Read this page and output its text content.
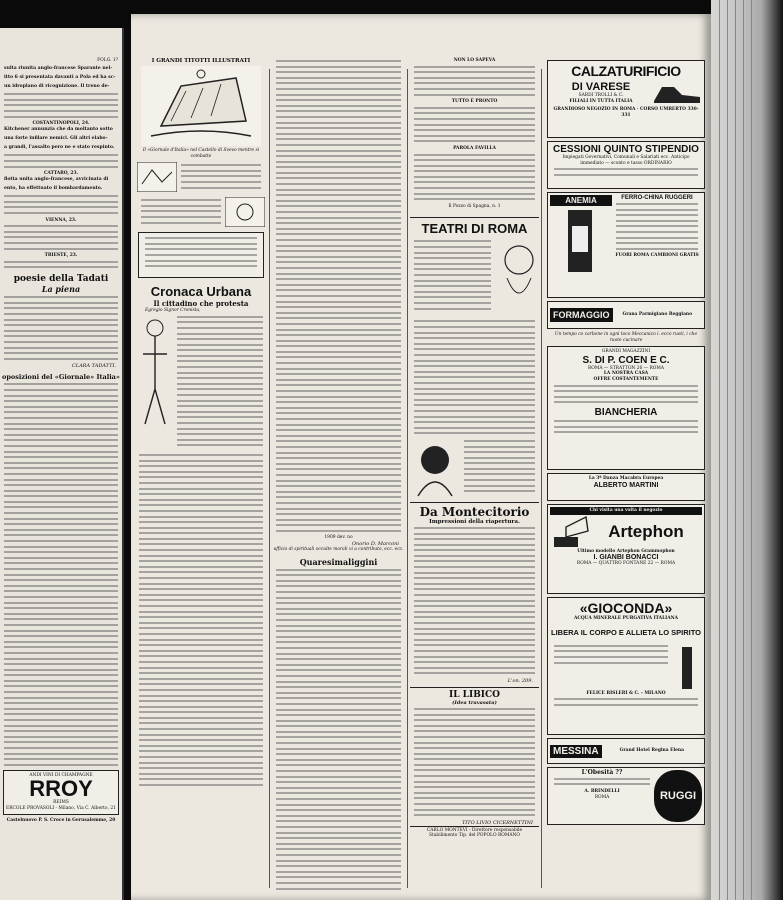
FOLG. 1?
sulta riunita anglo-francese Sparante nel-
itto 6 si presentata davanti a Pola ed ha sc-
un idroplano di ricognizione. Il treno de-
COSTANTINOPOLI, 24.
Kitchener annunzia che da moltanto sotto
una forte infilare nemici. Gli altri elabo-
a grandi, l'assalto pero ne e stato respinto.
CATTARO, 23.
flotta unita anglo-francese, avvicinata di
ento, ha effettuato il bombardamento.
VIENNA, 23.
TRIESTE, 23.
poesie della Tadati
La piena
CLARA TADATTI.
oposizioni del «Giornale» Italia»
ANDI VINI DI CHAMPAGNE
RROY
REIMS
ERCOLE PROVASOLI - Milano, Via C. Alberto, 21
Castelnuovo P. S. Croce in Gerusalemme, 20
I GRANDI TITOTTI ILLUSTRATI
Il «Giornale d'Italia» nel Castello di Svevo mentre si combatte
Cronaca Urbana
Il cittadino che protesta
Egregio Signor Cronista,
1909 dev. no
Onorio D. Marconi
ufficio di spirituali occulte morali vi a contributo, ecc. ecc.
Quaresimaliggini
NON LO SAPEVA
TUTTO È PRONTO
PAROLA FAVILLA
Il Pozzo di Spagna, n. 1
TEATRI DI ROMA
Da Montecitorio
Impressioni della riapertura.
L'on. 209.
IL LIBICO
(Idea travasata)
TITO LIVIO CICERNETTINI
CARLO MONTEVI - Direttore responsabile
Stabilimento Tip. del POPOLO ROMANO
CALZATURIFICIO
DI VARESE
SARDI TROLLI & C.
FILIALI IN TUTTA ITALIA
GRANDIOSO NEGOZIO IN ROMA · CORSO UMBERTO 330-331
CESSIONI QUINTO STIPENDIO
Impiegati Governativi, Comunali e Salariati ecc. Anticipo immediato — sconto e tasso ORDINARIO
ANEMIA	FERRO-CHINA RUGGERI
FUORI ROMA CAMBIONI GRATIS
FORMAGGIO	Grana Parmigiano Reggiano
Un tempo co carbone in ogni toco Meccanico i. ecco ruoti, i che ruote cucinare
GRANDI MAGAZZINI
S. DI P. COEN E C.
ROMA — STRATTON 26 — ROMA
LA NOSTRA CASA
OFFRE COSTANTEMENTE
BIANCHERIA
La 3ª Danza Macabra Europea
ALBERTO MARTINI
Chi visita una volta il negozio
Artephon
Ultimo modello Artephon Grammophon
I. GIANBI BONACCI
ROMA — QUATTRO FONTANE 22 — ROMA
«GIOCONDA»
ACQUA MINERALE PURGATIVA ITALIANA
LIBERA IL CORPO E ALLIETA LO SPIRITO
FELICE BISLERI & C. - MILANO
MESSINA	Grand Hotel Regina Elena
L'Obesità ??
A. BRINDELLI
ROMA	RUGGI
